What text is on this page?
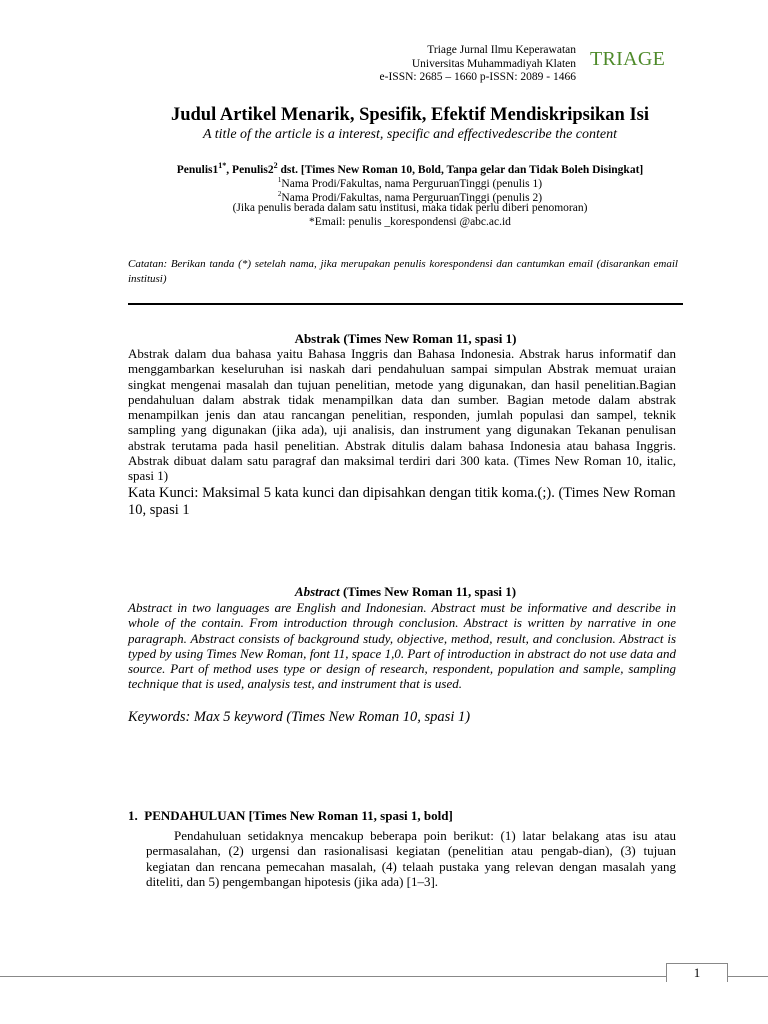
Triage Jurnal Ilmu Keperawatan
Universitas Muhammadiyah Klaten
e-ISSN: 2685 – 1660 p-ISSN: 2089 - 1466
TRIAGE
Judul Artikel Menarik, Spesifik, Efektif Mendiskripsikan Isi
A title of the article is a interest, specific and effectivedescribe the content
$Penulis1^{1*}$, $Penulis2^2$ dst. [Times New Roman 10, Bold, Tanpa gelar dan Tidak Boleh Disingkat]
$^1$Nama Prodi/Fakultas, nama PerguruanTinggi (penulis 1)
$^2$Nama Prodi/Fakultas, nama PerguruanTinggi (penulis 2)
(Jika penulis berada dalam satu institusi, maka tidak perlu diberi penomoran)
*Email: penulis _korespondensi @abc.ac.id
Catatan: Berikan tanda (*) setelah nama, jika merupakan penulis korespondensi dan cantumkan email (disarankan email institusi)
Abstrak (Times New Roman 11, spasi 1)
Abstrak dalam dua bahasa yaitu Bahasa Inggris dan Bahasa Indonesia. Abstrak harus informatif dan menggambarkan keseluruhan isi naskah dari pendahuluan sampai simpulan Abstrak memuat uraian singkat mengenai masalah dan tujuan penelitian, metode yang digunakan, dan hasil penelitian.Bagian pendahuluan dalam abstrak tidak menampilkan data dan sumber. Bagian metode dalam abstrak menampilkan jenis dan atau rancangan penelitian, responden, jumlah populasi dan sampel, teknik sampling yang digunakan (jika ada), uji analisis, dan instrument yang digunakan Tekanan penulisan abstrak terutama pada hasil penelitian. Abstrak ditulis dalam bahasa Indonesia atau bahasa Inggris. Abstrak dibuat dalam satu paragraf dan maksimal terdiri dari 300 kata. (Times New Roman 10, italic, spasi 1)
Kata Kunci: Maksimal 5 kata kunci dan dipisahkan dengan titik koma.(;). (Times New Roman 10, spasi 1
Abstract (Times New Roman 11, spasi 1)
Abstract in two languages are English and Indonesian. Abstract must be informative and describe in whole of the contain. From introduction through conclusion. Abstract is written by narrative in one paragraph. Abstract consists of background study, objective, method, result, and conclusion. Abstract is typed by using Times New Roman, font 11, space 1,0. Part of introduction in abstract do not use data and source. Part of method uses type or design of research, respondent, population and sample, sampling technique that is used, analysis test, and instrument that is used.
Keywords: Max 5 keyword (Times New Roman 10, spasi 1)
1.  PENDAHULUAN [Times New Roman 11, spasi 1, bold]
Pendahuluan setidaknya mencakup beberapa poin berikut: (1) latar belakang atas isu atau permasalahan, (2) urgensi dan rasionalisasi kegiatan (penelitian atau pengab-dian), (3) tujuan kegiatan dan rencana pemecahan masalah, (4) telaah pustaka yang relevan dengan masalah yang diteliti, dan 5) pengembangan hipotesis (jika ada) [1–3].
1
